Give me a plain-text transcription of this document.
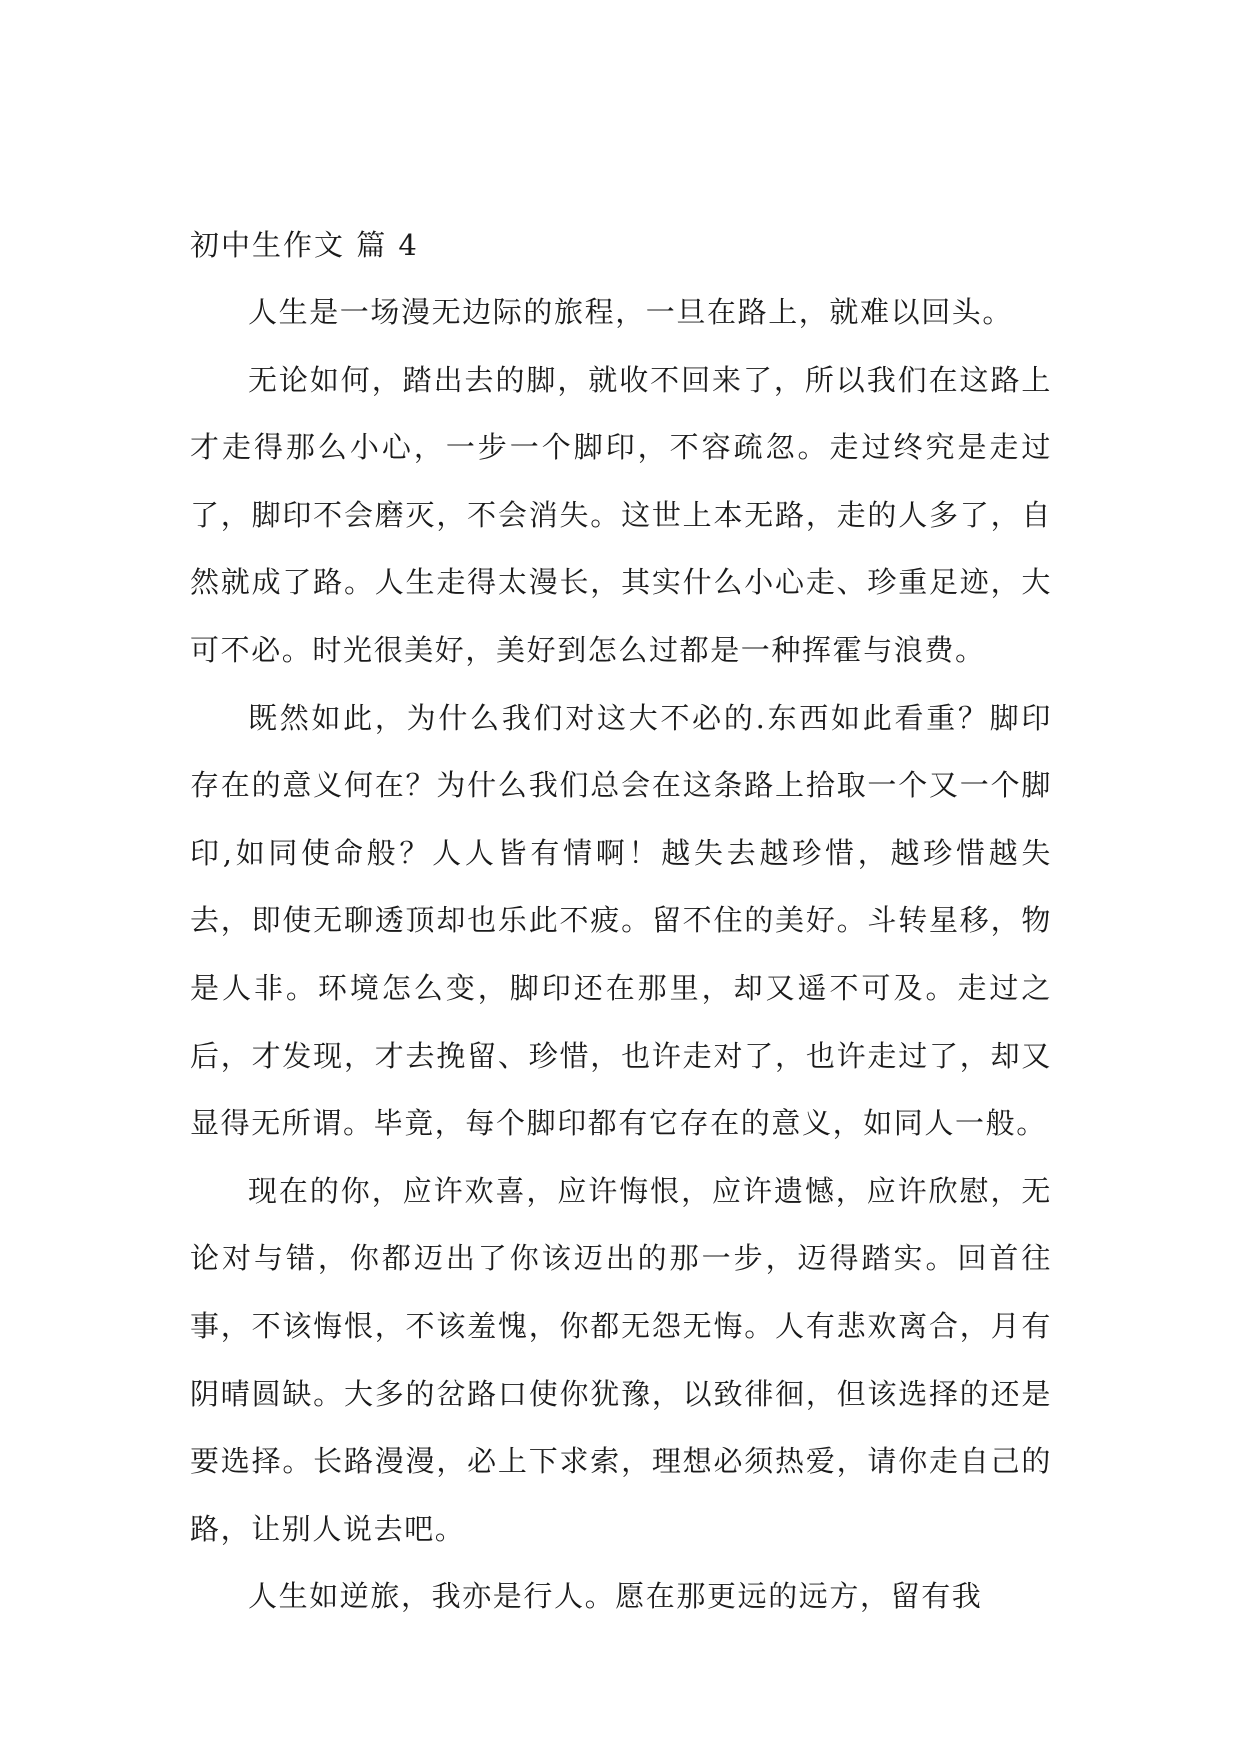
初中生作文 篇 4

人生是一场漫无边际的旅程，一旦在路上，就难以回头。

无论如何，踏出去的脚，就收不回来了，所以我们在这路上才走得那么小心，一步一个脚印，不容疏忽。走过终究是走过了，脚印不会磨灭，不会消失。这世上本无路，走的人多了，自然就成了路。人生走得太漫长，其实什么小心走、珍重足迹，大可不必。时光很美好，美好到怎么过都是一种挥霍与浪费。

既然如此，为什么我们对这大不必的.东西如此看重？脚印存在的意义何在？为什么我们总会在这条路上拾取一个又一个脚印,如同使命般？人人皆有情啊！越失去越珍惜，越珍惜越失去，即使无聊透顶却也乐此不疲。留不住的美好。斗转星移，物是人非。环境怎么变，脚印还在那里，却又遥不可及。走过之后，才发现，才去挽留、珍惜，也许走对了，也许走过了，却又显得无所谓。毕竟，每个脚印都有它存在的意义，如同人一般。

现在的你，应许欢喜，应许悔恨，应许遗憾，应许欣慰，无论对与错，你都迈出了你该迈出的那一步，迈得踏实。回首往事，不该悔恨，不该羞愧，你都无怨无悔。人有悲欢离合，月有阴晴圆缺。大多的岔路口使你犹豫，以致徘徊，但该选择的还是要选择。长路漫漫，必上下求索，理想必须热爱，请你走自己的路，让别人说去吧。

人生如逆旅，我亦是行人。愿在那更远的远方，留有我
